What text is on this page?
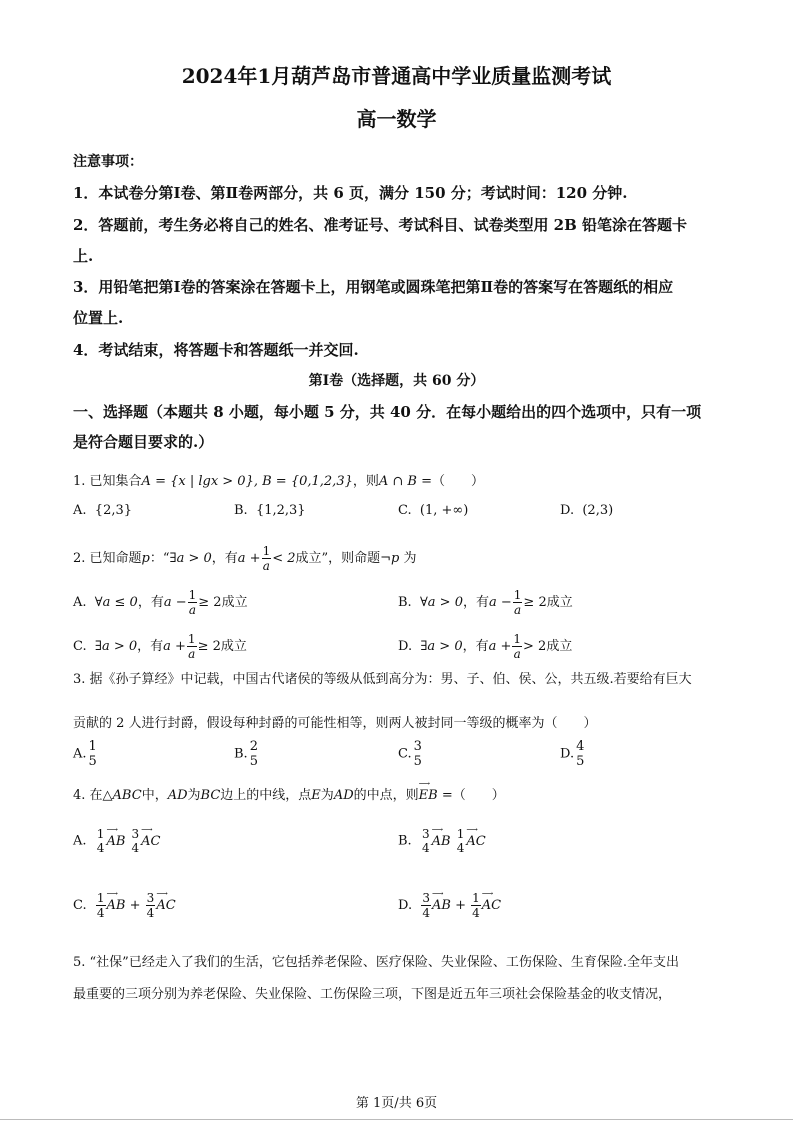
2024年1月葫芦岛市普通高中学业质量监测考试
高一数学
注意事项：
1．本试卷分第Ⅰ卷、第Ⅱ卷两部分，共 6 页，满分 150 分；考试时间：120 分钟.
2．答题前，考生务必将自己的姓名、准考证号、考试科目、试卷类型用 2B 铅笔涂在答题卡
上.
3．用铅笔把第Ⅰ卷的答案涂在答题卡上，用钢笔或圆珠笔把第Ⅱ卷的答案写在答题纸的相应
位置上.
4．考试结束，将答题卡和答题纸一并交回.
第Ⅰ卷（选择题，共 60 分）
一、选择题（本题共 8 小题，每小题 5 分，共 40 分．在每小题给出的四个选项中，只有一项
是符合题目要求的.）
1. 已知集合A = {x | lgx > 0}, B = {0,1,2,3}，则A ∩ B =（　　）
A. {2,3}	B. {1,2,3}	C. (1, +∞)	D. (2,3)
2. 已知命题p：“∃a > 0，有$a + \frac{1}{a} < 2$成立”，则命题¬p 为
A. ∀a ≤ 0，有$a - \frac{1}{a} \ge 2$成立	B. ∀a > 0，有$a - \frac{1}{a} \ge 2$成立
C. ∃a > 0，有$a + \frac{1}{a} \ge 2$成立	D. ∃a > 0，有$a + \frac{1}{a} > 2$成立
3. 据《孙子算经》中记载，中国古代诸侯的等级从低到高分为：男、子、伯、侯、公，共五级.若要给有巨大
贡献的 2 人进行封爵，假设每种封爵的可能性相等，则两人被封同一等级的概率为（　　）
A. 1
5	B. 2
5	C. 3
5	D. 4
5
4. 在△ABC中，AD为BC边上的中线，点E为AD的中点，则
⟶
EB =（　　）
A. 1
4
⟶
AB 3
4
⟶
AC	B. 3
4
⟶
AB 1
4
⟶
AC
C. $\frac{1}{4}$ ⟶
AB + $\frac{3}{4}$ ⟶
AC	D. $\frac{3}{4}$ ⟶
AB + $\frac{1}{4}$ ⟶
AC
5. “社保”已经走入了我们的生活，它包括养老保险、医疗保险、失业保险、工伤保险、生育保险.全年支出
最重要的三项分别为养老保险、失业保险、工伤保险三项，下图是近五年三项社会保险基金的收支情况，
第 1页/共 6页
